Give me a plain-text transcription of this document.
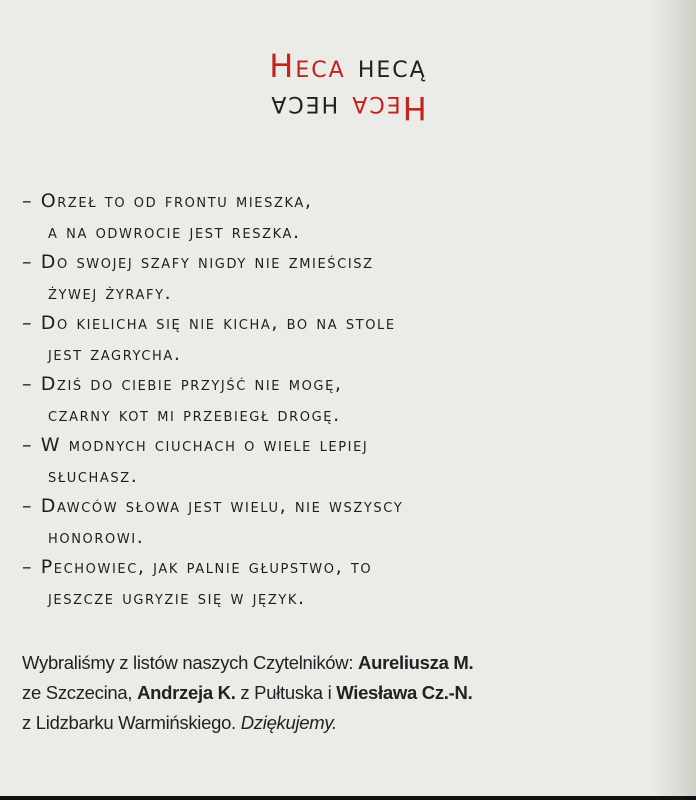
Heca hecą
Heca heca
– Orzeł to od frontu mieszka,
a na odwrocie jest reszka.
– Do swojej szafy nigdy nie zmieścisz
żywej żyrafy.
– Do kielicha się nie kicha, bo na stole
jest zagrycha.
– Dziś do ciebie przyjść nie mogę,
czarny kot mi przebiegł drogę.
– W modnych ciuchach o wiele lepiej
słuchasz.
– Dawców słowa jest wielu, nie wszyscy
honorowi.
– Pechowiec, jak palnie głupstwo, to
jeszcze ugryzie się w język.
Wybraliśmy z listów naszych Czytelników: Aureliusza M.
ze Szczecina, Andrzeja K. z Pułtuska i Wiesława Cz.-N.
z Lidzbarku Warmińskiego. Dziękujemy.
